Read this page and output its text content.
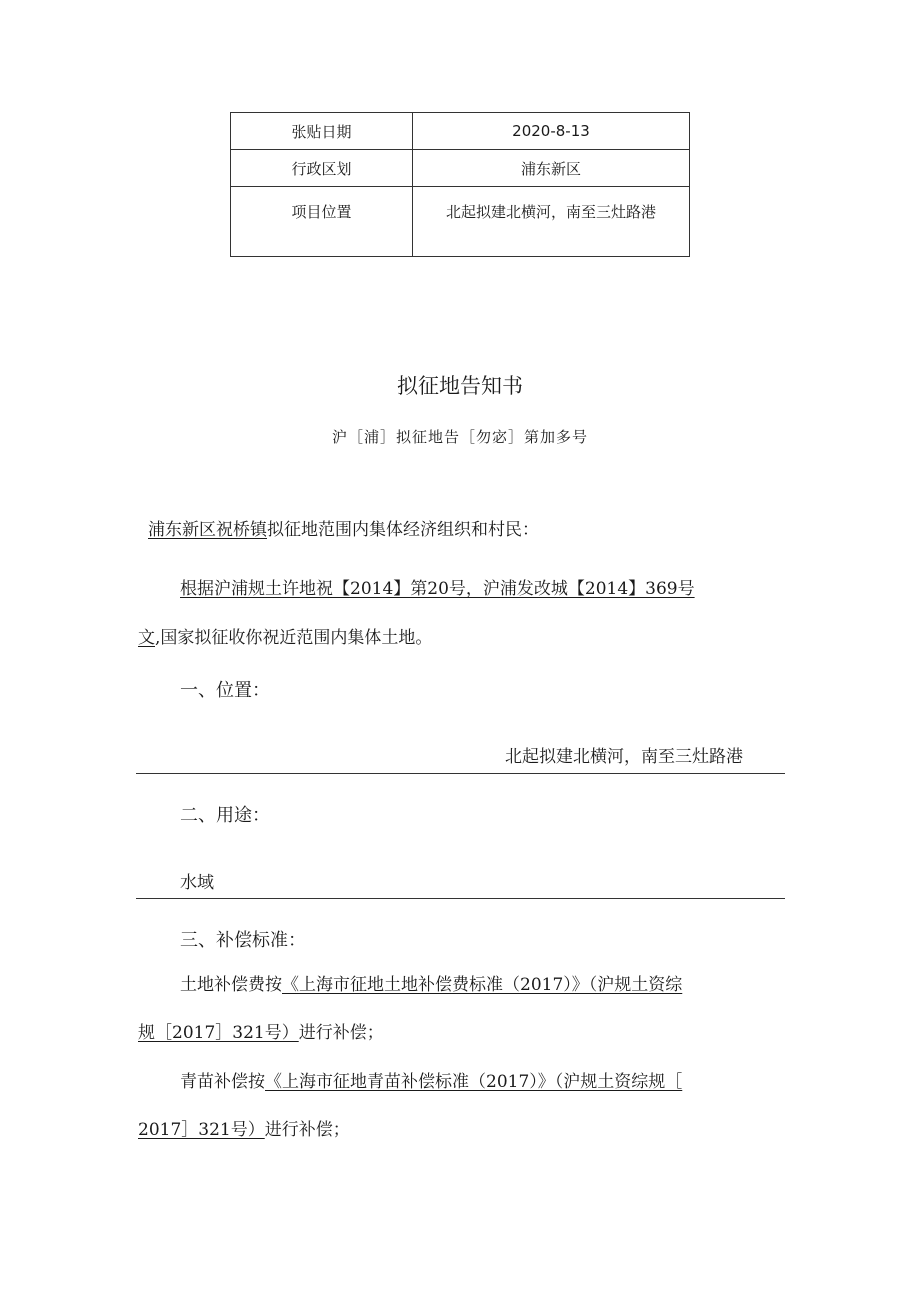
张贴日期	2020-8-13
行政区划	浦东新区
项目位置	北起拟建北横河，南至三灶路港
拟征地告知书
沪［浦］拟征地告［勿宓］第加多号
浦东新区祝桥镇拟征地范围内集体经济组织和村民：
根据沪浦规土许地祝【2014】第20号，沪浦发改城【2014】369号
文,国家拟征收你祝近范围内集体土地。
一、位置：
北起拟建北横河，南至三灶路港
二、用途：
水域
三、补偿标准：
土地补偿费按《上海市征地土地补偿费标准（2017）》（沪规土资综
规［2017］321号）进行补偿；
青苗补偿按《上海市征地青苗补偿标准（2017）》（沪规土资综规［
2017］321号）进行补偿；
